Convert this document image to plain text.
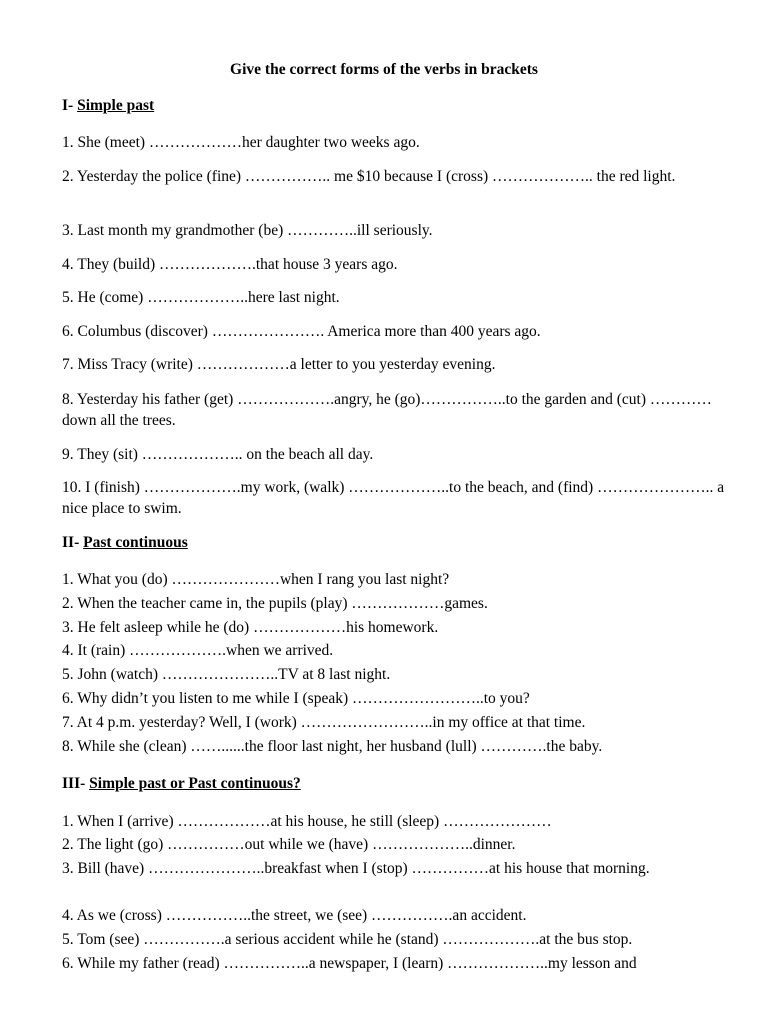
Give the correct forms of the verbs in brackets
I- Simple past
1. She (meet) ………………her daughter two weeks ago.
2. Yesterday the police (fine) …………….. me $10 because I (cross) ……………….. the red light.
3. Last month my grandmother (be) …………..ill seriously.
4. They (build) ……………….that house 3 years ago.
5. He (come) ………………..here last night.
6. Columbus (discover) …………………. America more than 400 years ago.
7. Miss Tracy (write) ………………a letter to you yesterday evening.
8. Yesterday his father (get) ……………….angry, he (go)……………..to the garden and (cut) …………down all the trees.
9. They (sit) ……………….. on the beach all day.
10. I (finish) ……………….my work, (walk) ………………..to the beach, and (find) ………………….. a nice place to swim.
II- Past continuous
1. What you (do) …………………when I rang you last night?
2. When the teacher came in, the pupils (play) ………………games.
3. He felt asleep while he (do) ………………his homework.
4. It (rain) ……………….when we arrived.
5. John (watch) …………………..TV at 8 last night.
6. Why didn’t you listen to me while I (speak) ……………………..to you?
7. At 4 p.m. yesterday? Well, I (work) ……………………..in my office at that time.
8. While she (clean) ……......the floor last night, her husband (lull) ………….the baby.
III- Simple past or Past continuous?
1. When I (arrive) ………………at his house, he still (sleep) …………………
2. The light (go) ……………out while we (have) ………………..dinner.
3. Bill (have) …………………..breakfast when I (stop) ……………at his house that morning.
4. As we (cross) ……………..the street, we (see) …………….an accident.
5. Tom (see) …………….a serious accident while he (stand) ……………….at the bus stop.
6. While my father (read) ……………..a newspaper, I (learn) ………………..my lesson and
